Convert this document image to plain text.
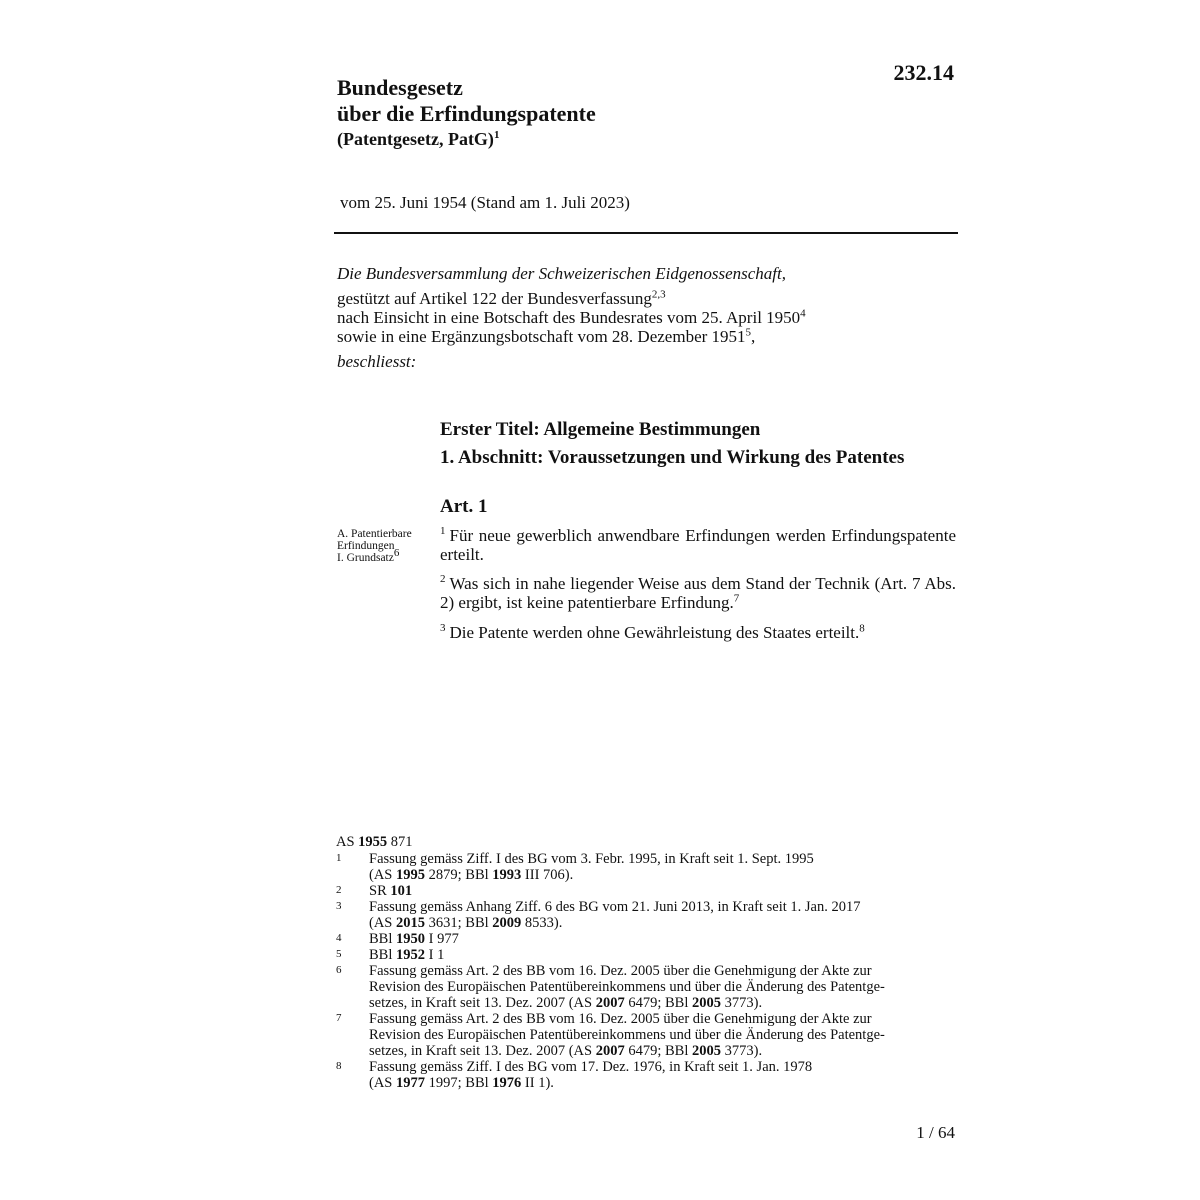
232.14
Bundesgesetz
über die Erfindungspatente
(Patentgesetz, PatG)$^1$
vom 25. Juni 1954 (Stand am 1. Juli 2023)
Die Bundesversammlung der Schweizerischen Eidgenossenschaft,
gestützt auf Artikel 122 der Bundesverfassung$^{2,3}$
nach Einsicht in eine Botschaft des Bundesrates vom 25. April 1950$^4$
sowie in eine Ergänzungsbotschaft vom 28. Dezember 1951$^5$,
beschliesst:
Erster Titel: Allgemeine Bestimmungen
1. Abschnitt: Voraussetzungen und Wirkung des Patentes
Art. 1
A. Patentierbare
Erfindungen
I. Grundsatz$^6$
$^1$ Für neue gewerblich anwendbare Erfindungen werden Erfindungspatente erteilt.
$^2$ Was sich in nahe liegender Weise aus dem Stand der Technik (Art. 7 Abs. 2) ergibt, ist keine patentierbare Erfindung.$^7$
$^3$ Die Patente werden ohne Gewährleistung des Staates erteilt.$^8$
AS 1955 871
1	Fassung gemäss Ziff. I des BG vom 3. Febr. 1995, in Kraft seit 1. Sept. 1995
(AS 1995 2879; BBl 1993 III 706).
2	SR 101
3	Fassung gemäss Anhang Ziff. 6 des BG vom 21. Juni 2013, in Kraft seit 1. Jan. 2017
(AS 2015 3631; BBl 2009 8533).
4	BBl 1950 I 977
5	BBl 1952 I 1
6	Fassung gemäss Art. 2 des BB vom 16. Dez. 2005 über die Genehmigung der Akte zur
Revision des Europäischen Patentübereinkommens und über die Änderung des Patentge-
setzes, in Kraft seit 13. Dez. 2007 (AS 2007 6479; BBl 2005 3773).
7	Fassung gemäss Art. 2 des BB vom 16. Dez. 2005 über die Genehmigung der Akte zur
Revision des Europäischen Patentübereinkommens und über die Änderung des Patentge-
setzes, in Kraft seit 13. Dez. 2007 (AS 2007 6479; BBl 2005 3773).
8	Fassung gemäss Ziff. I des BG vom 17. Dez. 1976, in Kraft seit 1. Jan. 1978
(AS 1977 1997; BBl 1976 II 1).
1 / 64
